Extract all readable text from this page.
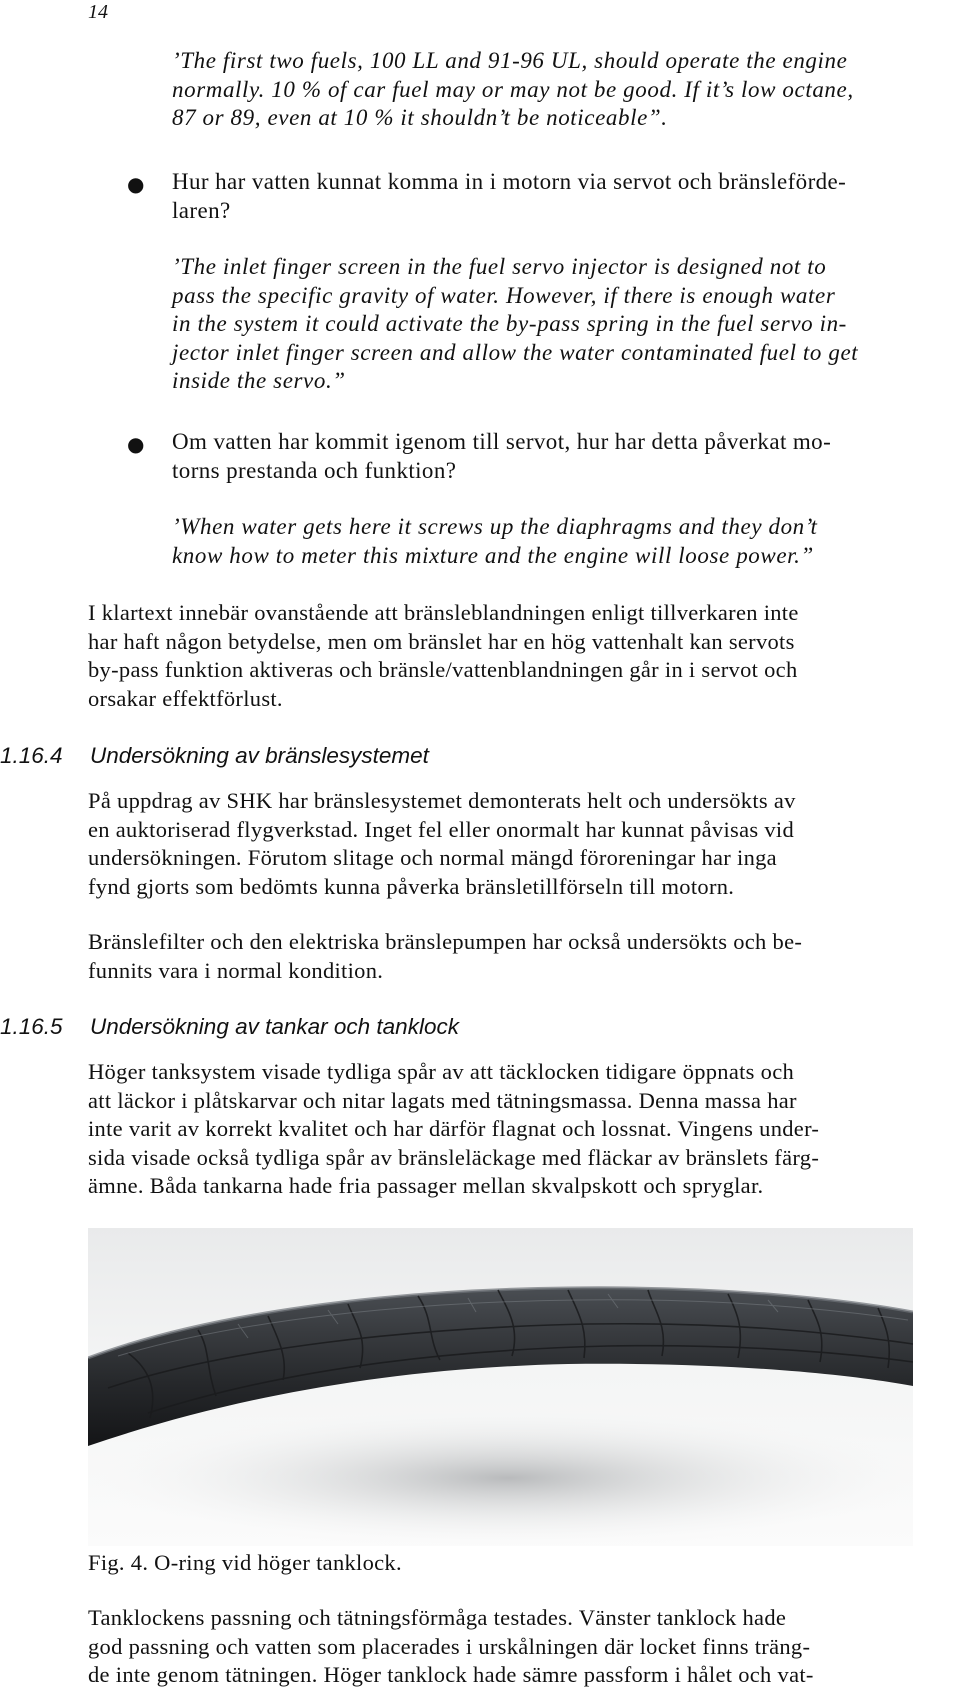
14

’The first two fuels, 100 LL and 91-96 UL, should operate the engine
normally. 10 % of car fuel may or may not be good. If it’s low octane,
87 or 89, even at 10 % it shouldn’t be noticeable”.

● Hur har vatten kunnat komma in i motorn via servot och bränsleförde-
laren?

’The inlet finger screen in the fuel servo injector is designed not to
pass the specific gravity of water. However, if there is enough water
in the system it could activate the by-pass spring in the fuel servo in-
jector inlet finger screen and allow the water contaminated fuel to get
inside the servo.”

● Om vatten har kommit igenom till servot, hur har detta påverkat mo-
torns prestanda och funktion?

’When water gets here it screws up the diaphragms and they don’t
know how to meter this mixture and the engine will loose power.”

I klartext innebär ovanstående att bränsleblandningen enligt tillverkaren inte
har haft någon betydelse, men om bränslet har en hög vattenhalt kan servots
by-pass funktion aktiveras och bränsle/vattenblandningen går in i servot och
orsakar effektförlust.

1.16.4 Undersökning av bränslesystemet

På uppdrag av SHK har bränslesystemet demonterats helt och undersökts av
en auktoriserad flygverkstad. Inget fel eller onormalt har kunnat påvisas vid
undersökningen. Förutom slitage och normal mängd föroreningar har inga
fynd gjorts som bedömts kunna påverka bränsletillförseln till motorn.

Bränslefilter och den elektriska bränslepumpen har också undersökts och be-
funnits vara i normal kondition.

1.16.5 Undersökning av tankar och tanklock

Höger tanksystem visade tydliga spår av att täcklocken tidigare öppnats och
att läckor i plåtskarvar och nitar lagats med tätningsmassa. Denna massa har
inte varit av korrekt kvalitet och har därför flagnat och lossnat. Vingens under-
sida visade också tydliga spår av bränsleläckage med fläckar av bränslets färg-
ämne. Båda tankarna hade fria passager mellan skvalpskott och spryglar.

Fig. 4. O-ring vid höger tanklock.

Tanklockens passning och tätningsförmåga testades. Vänster tanklock hade
god passning och vatten som placerades i urskålningen där locket finns träng-
de inte genom tätningen. Höger tanklock hade sämre passform i hålet och vat-
